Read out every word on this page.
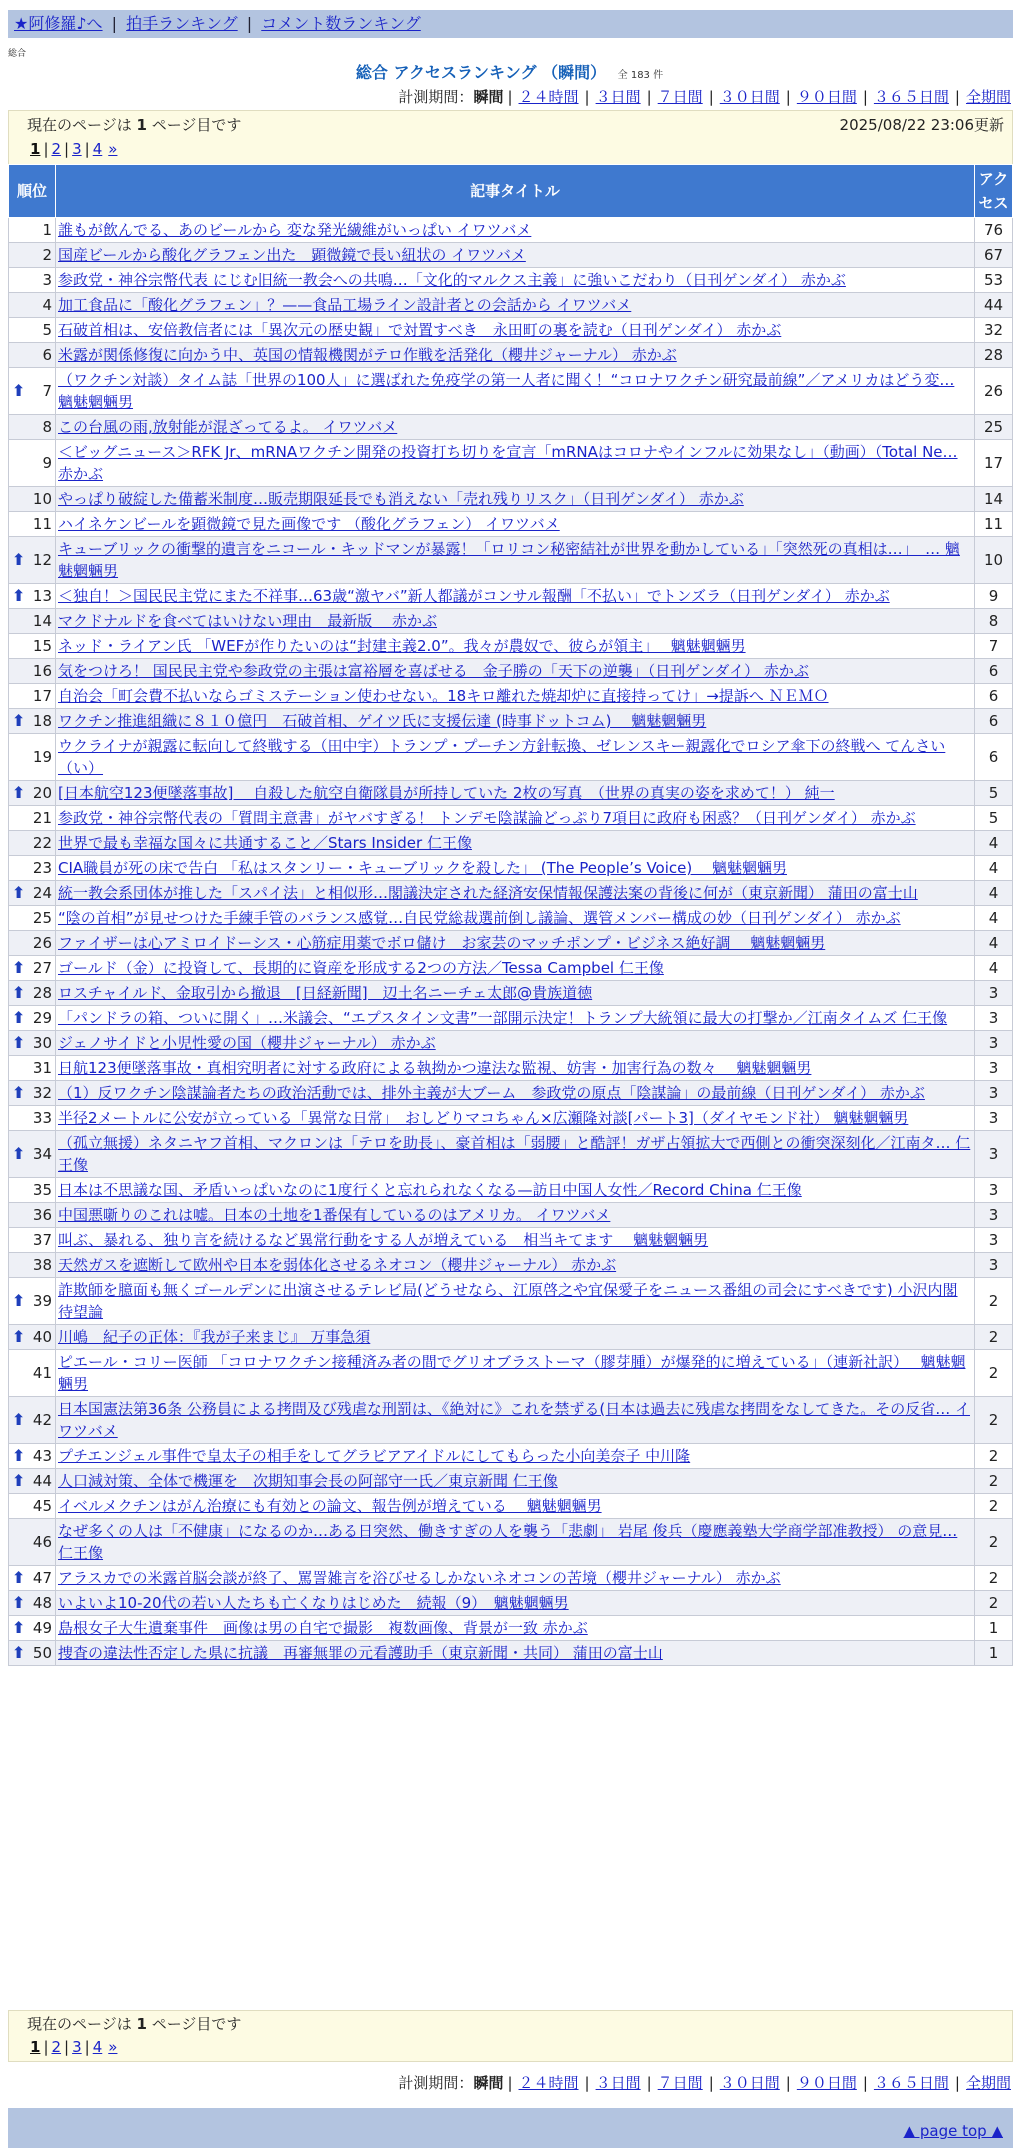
★阿修羅♪へ | 拍手ランキング | コメント数ランキング
総合
総合 アクセスランキング （瞬間） 全 183 件
計測期間：瞬間 | ２４時間 | ３日間 | ７日間 | ３０日間 | ９０日間 | ３６５日間 | 全期間
現在のページは 1 ページ目です	2025/08/22 23:06更新
1 | 2 | 3 | 4 »
順位	記事タイトル	アクセス
1	誰もが飲んでる、あのビールから 変な発光繊維がいっぱい イワツバメ	76
2	国産ビールから酸化グラフェン出た　顕微鏡で長い紐状の イワツバメ	67
3	参政党・神谷宗幣代表 にじむ旧統一教会への共鳴…「文化的マルクス主義」に強いこだわり（日刊ゲンダイ） 赤かぶ	53
4	加工食品に「酸化グラフェン」？——食品工場ライン設計者との会話から イワツバメ	44
5	石破首相は、安倍教信者には「異次元の歴史観」で対置すべき　永田町の裏を読む（日刊ゲンダイ） 赤かぶ	32
6	米露が関係修復に向かう中、英国の情報機関がテロ作戦を活発化（櫻井ジャーナル） 赤かぶ	28

⬆ 7	（ワクチン対談）タイム誌「世界の100人」に選ばれた免疫学の第一人者に聞く！“コロナワクチン研究最前線”／アメリカはどう変… 魑魅魍魎男	26
8	この台風の雨,放射能が混ざってるよ。 イワツバメ	25
9	＜ビッグニュース＞RFK Jr、mRNAワクチン開発の投資打ち切りを宣言「mRNAはコロナやインフルに効果なし」（動画）（Total Ne… 赤かぶ	17
10	やっぱり破綻した備蓄米制度…販売期限延長でも消えない「売れ残りリスク」（日刊ゲンダイ） 赤かぶ	14
11	ハイネケンビールを顕微鏡で見た画像です （酸化グラフェン） イワツバメ	11

⬆ 12	キューブリックの衝撃的遺言をニコール・キッドマンが暴露！「ロリコン秘密結社が世界を動かしている」「突然死の真相は…」　… 魑魅魍魎男	10

⬆ 13	＜独自！＞国民民主党にまた不祥事…63歳“激ヤバ”新人都議がコンサル報酬「不払い」でトンズラ（日刊ゲンダイ） 赤かぶ	9
14	マクドナルドを食べてはいけない理由　最新版　 赤かぶ	8
15	ネッド・ライアン氏 「WEFが作りたいのは“封建主義2.0”。我々が農奴で、彼らが領主」　 魑魅魍魎男	7
16	気をつけろ！ 国民民主党や参政党の主張は富裕層を喜ばせる　金子勝の「天下の逆襲」（日刊ゲンダイ） 赤かぶ	6
17	自治会「町会費不払いならゴミステーション使わせない。18キロ離れた焼却炉に直接持ってけ」→提訴へ ＮＥＭＯ	6

⬆ 18	ワクチン推進組織に８１０億円　石破首相、ゲイツ氏に支援伝達 (時事ドットコム)　 魑魅魍魎男	6
19	ウクライナが親露に転向して終戦する（田中宇）トランプ・プーチン方針転換、ゼレンスキー親露化でロシア傘下の終戦へ てんさい（い）	6

⬆ 20	[日本航空123便墜落事故]　 自殺した航空自衛隊員が所持していた 2枚の写真　（世界の真実の姿を求めて！） 純一	5
21	参政党・神谷宗幣代表の「質問主意書」がヤバすぎる！ トンデモ陰謀論どっぷり7項目に政府も困惑？（日刊ゲンダイ） 赤かぶ	5
22	世界で最も幸福な国々に共通すること／Stars Insider 仁王像	4
23	CIA職員が死の床で告白 「私はスタンリー・キューブリックを殺した」 (The People’s Voice)　 魑魅魍魎男	4

⬆ 24	統一教会系団体が推した「スパイ法」と相似形…閣議決定された経済安保情報保護法案の背後に何が（東京新聞） 蒲田の富士山	4
25	“陰の首相”が見せつけた手練手管のバランス感覚…自民党総裁選前倒し議論、選管メンバー構成の妙（日刊ゲンダイ） 赤かぶ	4
26	ファイザーは心アミロイドーシス・心筋症用薬でボロ儲け　お家芸のマッチポンプ・ビジネス絶好調　 魑魅魍魎男	4

⬆ 27	ゴールド（金）に投資して、長期的に資産を形成する2つの方法／Tessa Campbel 仁王像	4

⬆ 28	ロスチャイルド、金取引から撤退　[日経新聞]　辺土名ニーチェ太郎@貴族道徳	3

⬆ 29	「パンドラの箱、ついに開く」…米議会、“エプスタイン文書”一部開示決定！トランプ大統領に最大の打撃か／江南タイムズ 仁王像	3

⬆ 30	ジェノサイドと小児性愛の国（櫻井ジャーナル） 赤かぶ	3
31	日航123便墜落事故・真相究明者に対する政府による執拗かつ違法な監視、妨害・加害行為の数々　 魑魅魍魎男	3

⬆ 32	（1）反ワクチン陰謀論者たちの政治活動では、排外主義が大ブーム　参政党の原点「陰謀論」の最前線（日刊ゲンダイ） 赤かぶ	3
33	半径2メートルに公安が立っている「異常な日常」　おしどりマコちゃん×広瀬隆対談[パート3]（ダイヤモンド社） 魑魅魍魎男	3

⬆ 34	（孤立無援）ネタニヤフ首相、マクロンは「テロを助長」、豪首相は「弱腰」と酷評！ガザ占領拡大で西側との衝突深刻化／江南タ… 仁王像	3
35	日本は不思議な国、矛盾いっぱいなのに1度行くと忘れられなくなる—訪日中国人女性／Record China 仁王像	3
36	中国悪噺りのこれは嘘。日本の土地を1番保有しているのはアメリカ。 イワツバメ	3
37	叫ぶ、暴れる、独り言を続けるなど異常行動をする人が増えている　相当キてます　 魑魅魍魎男	3
38	天然ガスを遮断して欧州や日本を弱体化させるネオコン（櫻井ジャーナル） 赤かぶ	3

⬆ 39	詐欺師を臆面も無くゴールデンに出演させるテレビ局(どうせなら、江原啓之や宜保愛子をニュース番組の司会にすべきです) 小沢内閣待望論	2

⬆ 40	川嶋　紀子の正体：『我が子来まじ』 万事急須	2
41	ピエール・コリー医師 「コロナワクチン接種済み者の間でグリオブラストーマ（膠芽腫）が爆発的に増えている」（連新社訳）　 魑魅魍魎男	2

⬆ 42	日本国憲法第36条 公務員による拷問及び残虐な刑罰は、《絶対に》これを禁ずる(日本は過去に残虐な拷問をなしてきた。その反省… イワツバメ	2

⬆ 43	プチエンジェル事件で皇太子の相手をしてグラビアアイドルにしてもらった小向美奈子 中川隆	2

⬆ 44	人口減対策、全体で機運を　次期知事会長の阿部守一氏／東京新聞 仁王像	2
45	イベルメクチンはがん治療にも有効との論文、報告例が増えている　 魑魅魍魎男	2
46	なぜ多くの人は「不健康」になるのか…ある日突然、働きすぎの人を襲う「悲劇」 岩尾 俊兵（慶應義塾大学商学部准教授） の意見… 仁王像	2

⬆ 47	アラスカでの米露首脳会談が終了、罵詈雑言を浴びせるしかないネオコンの苦境（櫻井ジャーナル） 赤かぶ	2

⬆ 48	いよいよ10-20代の若い人たちも亡くなりはじめた　続報（9）　魑魅魍魎男	2

⬆ 49	島根女子大生遺棄事件　画像は男の自宅で撮影　複数画像、背景が一致 赤かぶ	1

⬆ 50	捜査の違法性否定した県に抗議　再審無罪の元看護助手（東京新聞・共同） 蒲田の富士山	1
現在のページは 1 ページ目です
1 | 2 | 3 | 4 »
計測期間：瞬間 | ２４時間 | ３日間 | ７日間 | ３０日間 | ９０日間 | ３６５日間 | 全期間
▲ page top ▲
